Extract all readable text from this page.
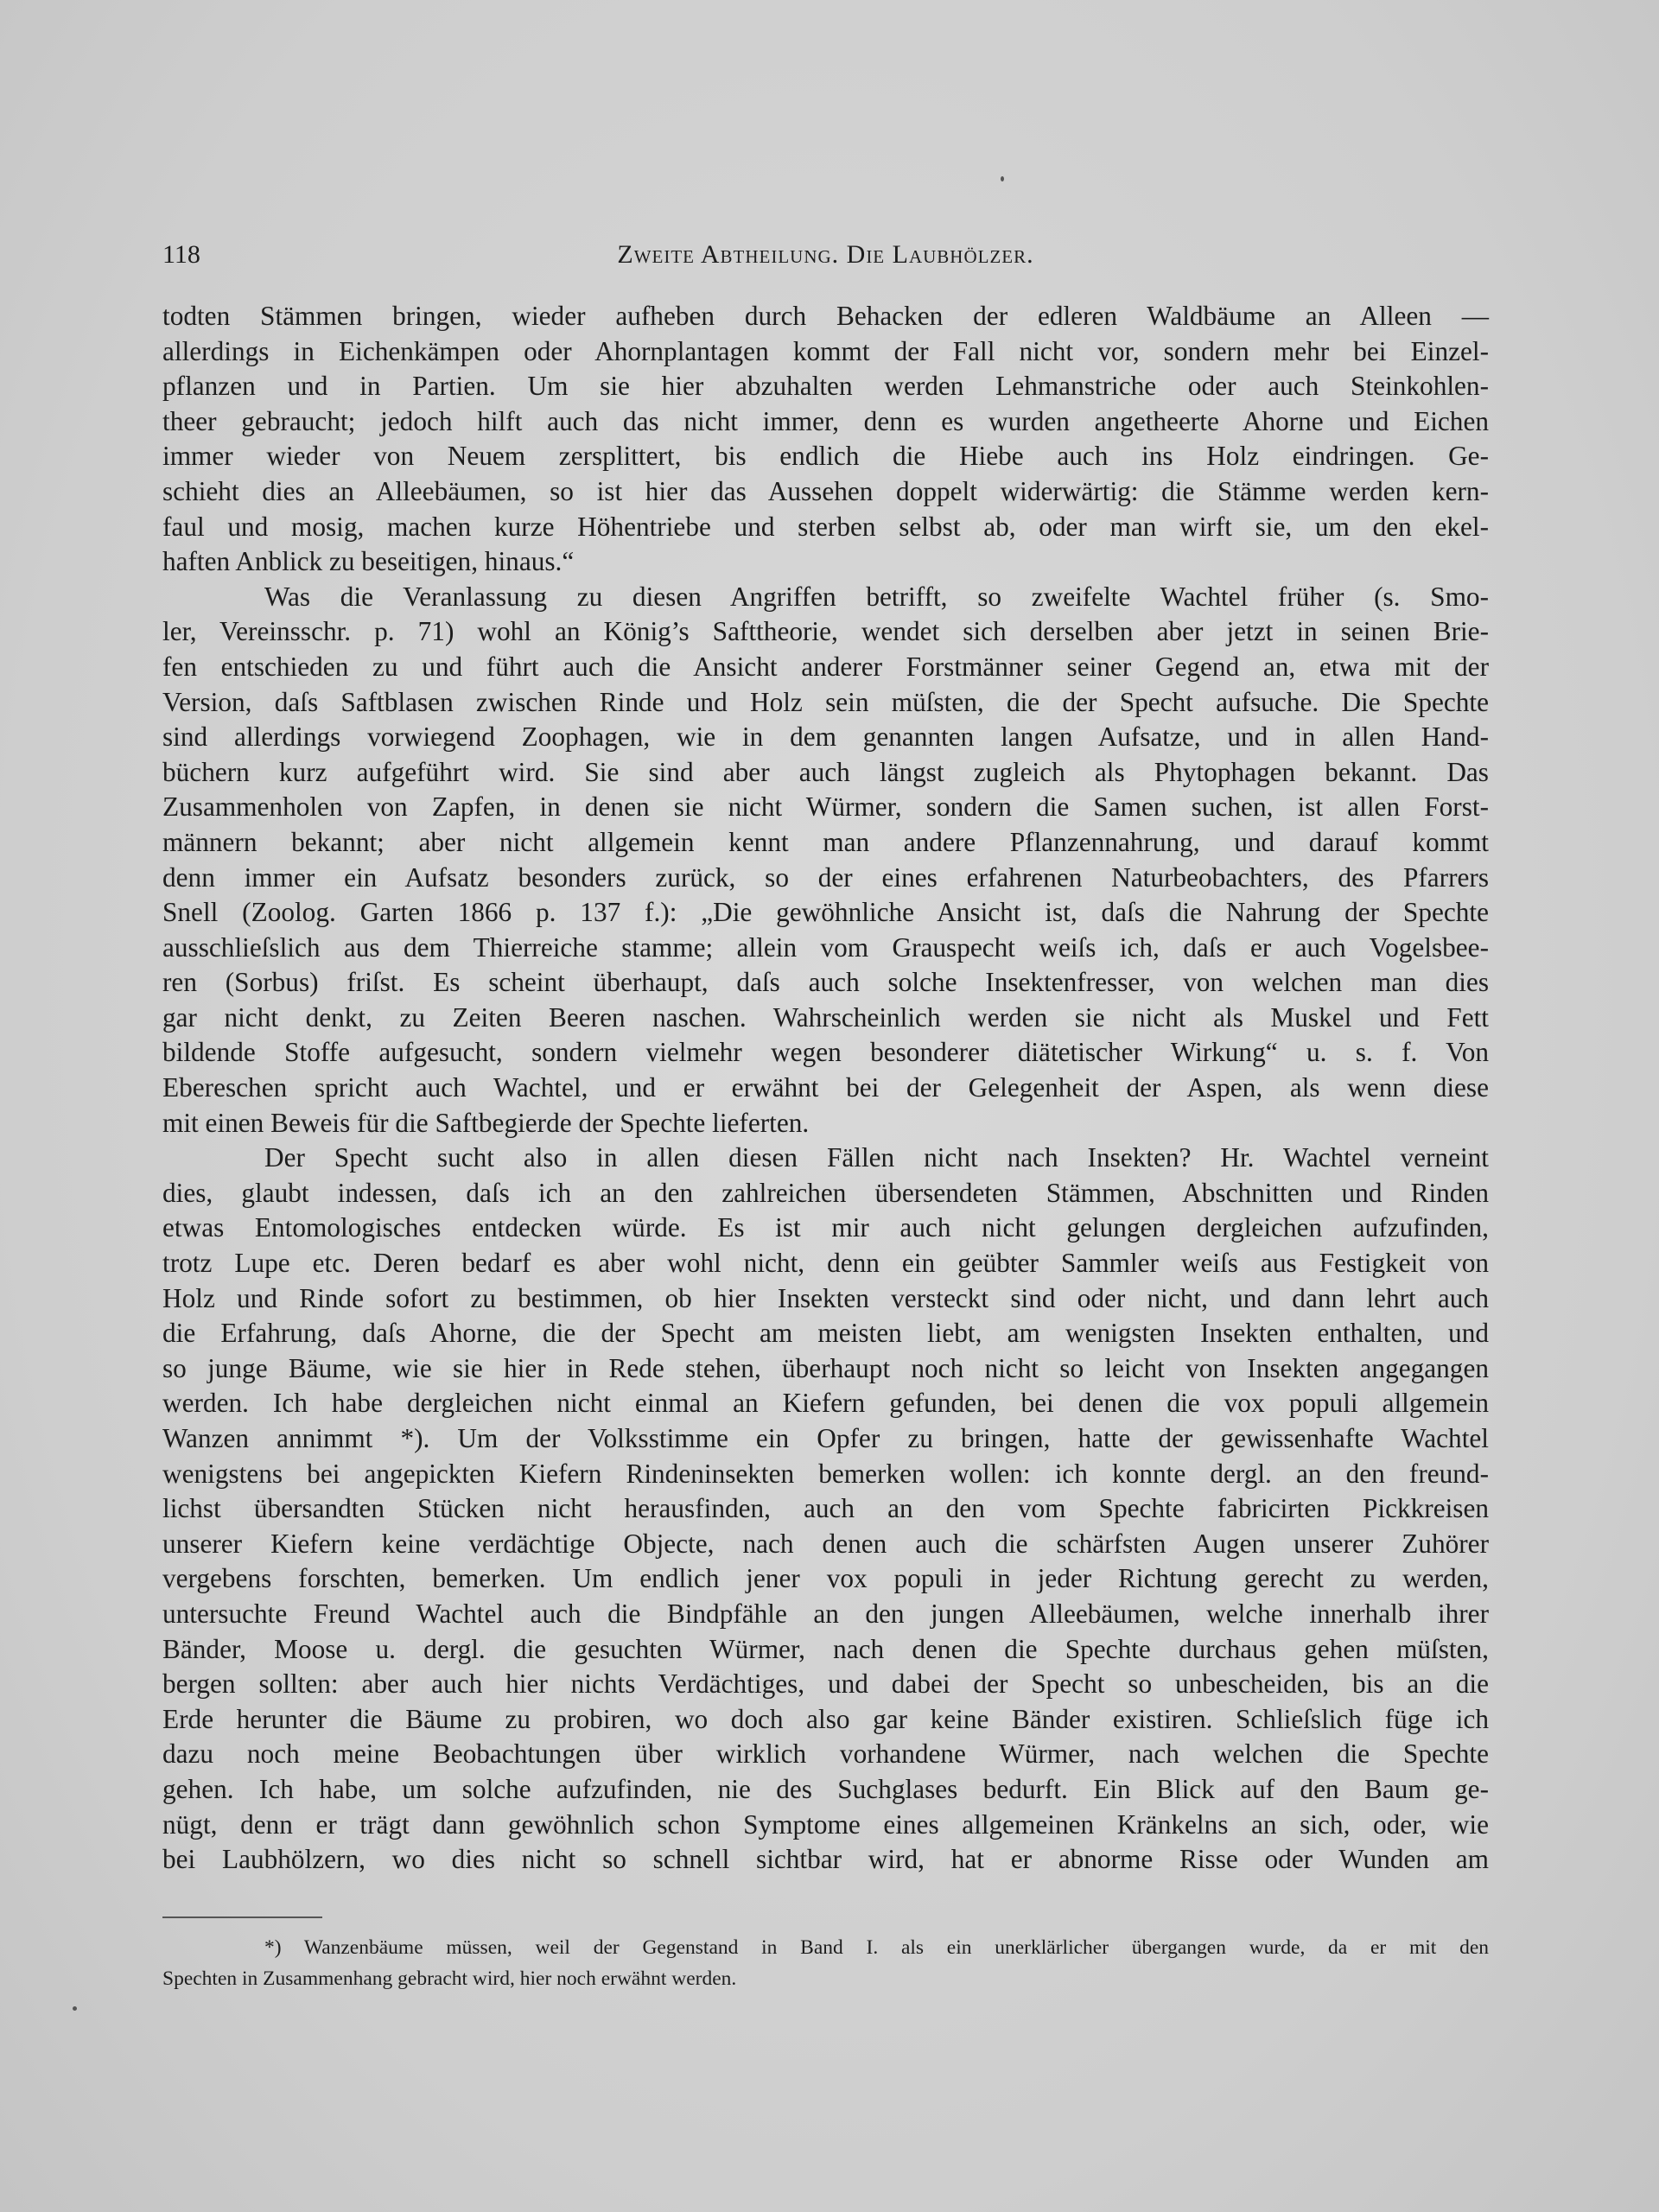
118	Zweite Abtheilung. Die Laubhölzer.
todten Stämmen bringen, wieder aufheben durch Behacken der edleren Waldbäume an Alleen —
allerdings in Eichenkämpen oder Ahornplantagen kommt der Fall nicht vor, sondern mehr bei Einzel-
pflanzen und in Partien. Um sie hier abzuhalten werden Lehmanstriche oder auch Steinkohlen-
theer gebraucht; jedoch hilft auch das nicht immer, denn es wurden angetheerte Ahorne und Eichen
immer wieder von Neuem zersplittert, bis endlich die Hiebe auch ins Holz eindringen. Ge-
schieht dies an Alleebäumen, so ist hier das Aussehen doppelt widerwärtig: die Stämme werden kern-
faul und mosig, machen kurze Höhentriebe und sterben selbst ab, oder man wirft sie, um den ekel-
haften Anblick zu beseitigen, hinaus.“
Was die Veranlassung zu diesen Angriffen betrifft, so zweifelte Wachtel früher (s. Smo-
ler, Vereinsschr. p. 71) wohl an König’s Safttheorie, wendet sich derselben aber jetzt in seinen Brie-
fen entschieden zu und führt auch die Ansicht anderer Forstmänner seiner Gegend an, etwa mit der
Version, daſs Saftblasen zwischen Rinde und Holz sein müſsten, die der Specht aufsuche. Die Spechte
sind allerdings vorwiegend Zoophagen, wie in dem genannten langen Aufsatze, und in allen Hand-
büchern kurz aufgeführt wird. Sie sind aber auch längst zugleich als Phytophagen bekannt. Das
Zusammenholen von Zapfen, in denen sie nicht Würmer, sondern die Samen suchen, ist allen Forst-
männern bekannt; aber nicht allgemein kennt man andere Pflanzennahrung, und darauf kommt
denn immer ein Aufsatz besonders zurück, so der eines erfahrenen Naturbeobachters, des Pfarrers
Snell (Zoolog. Garten 1866 p. 137 f.): „Die gewöhnliche Ansicht ist, daſs die Nahrung der Spechte
ausschlieſslich aus dem Thierreiche stamme; allein vom Grauspecht weiſs ich, daſs er auch Vogelsbee-
ren (Sorbus) friſst. Es scheint überhaupt, daſs auch solche Insektenfresser, von welchen man dies
gar nicht denkt, zu Zeiten Beeren naschen. Wahrscheinlich werden sie nicht als Muskel und Fett
bildende Stoffe aufgesucht, sondern vielmehr wegen besonderer diätetischer Wirkung“ u. s. f. Von
Ebereschen spricht auch Wachtel, und er erwähnt bei der Gelegenheit der Aspen, als wenn diese
mit einen Beweis für die Saftbegierde der Spechte lieferten.
Der Specht sucht also in allen diesen Fällen nicht nach Insekten? Hr. Wachtel verneint
dies, glaubt indessen, daſs ich an den zahlreichen übersendeten Stämmen, Abschnitten und Rinden
etwas Entomologisches entdecken würde. Es ist mir auch nicht gelungen dergleichen aufzufinden,
trotz Lupe etc. Deren bedarf es aber wohl nicht, denn ein geübter Sammler weiſs aus Festigkeit von
Holz und Rinde sofort zu bestimmen, ob hier Insekten versteckt sind oder nicht, und dann lehrt auch
die Erfahrung, daſs Ahorne, die der Specht am meisten liebt, am wenigsten Insekten enthalten, und
so junge Bäume, wie sie hier in Rede stehen, überhaupt noch nicht so leicht von Insekten angegangen
werden. Ich habe dergleichen nicht einmal an Kiefern gefunden, bei denen die vox populi allgemein
Wanzen annimmt *). Um der Volksstimme ein Opfer zu bringen, hatte der gewissenhafte Wachtel
wenigstens bei angepickten Kiefern Rindeninsekten bemerken wollen: ich konnte dergl. an den freund-
lichst übersandten Stücken nicht herausfinden, auch an den vom Spechte fabricirten Pickkreisen
unserer Kiefern keine verdächtige Objecte, nach denen auch die schärfsten Augen unserer Zuhörer
vergebens forschten, bemerken. Um endlich jener vox populi in jeder Richtung gerecht zu werden,
untersuchte Freund Wachtel auch die Bindpfähle an den jungen Alleebäumen, welche innerhalb ihrer
Bänder, Moose u. dergl. die gesuchten Würmer, nach denen die Spechte durchaus gehen müſsten,
bergen sollten: aber auch hier nichts Verdächtiges, und dabei der Specht so unbescheiden, bis an die
Erde herunter die Bäume zu probiren, wo doch also gar keine Bänder existiren. Schlieſslich füge ich
dazu noch meine Beobachtungen über wirklich vorhandene Würmer, nach welchen die Spechte
gehen. Ich habe, um solche aufzufinden, nie des Suchglases bedurft. Ein Blick auf den Baum ge-
nügt, denn er trägt dann gewöhnlich schon Symptome eines allgemeinen Kränkelns an sich, oder, wie
bei Laubhölzern, wo dies nicht so schnell sichtbar wird, hat er abnorme Risse oder Wunden am
*) Wanzenbäume müssen, weil der Gegenstand in Band I. als ein unerklärlicher übergangen wurde, da er mit den
Spechten in Zusammenhang gebracht wird, hier noch erwähnt werden.
